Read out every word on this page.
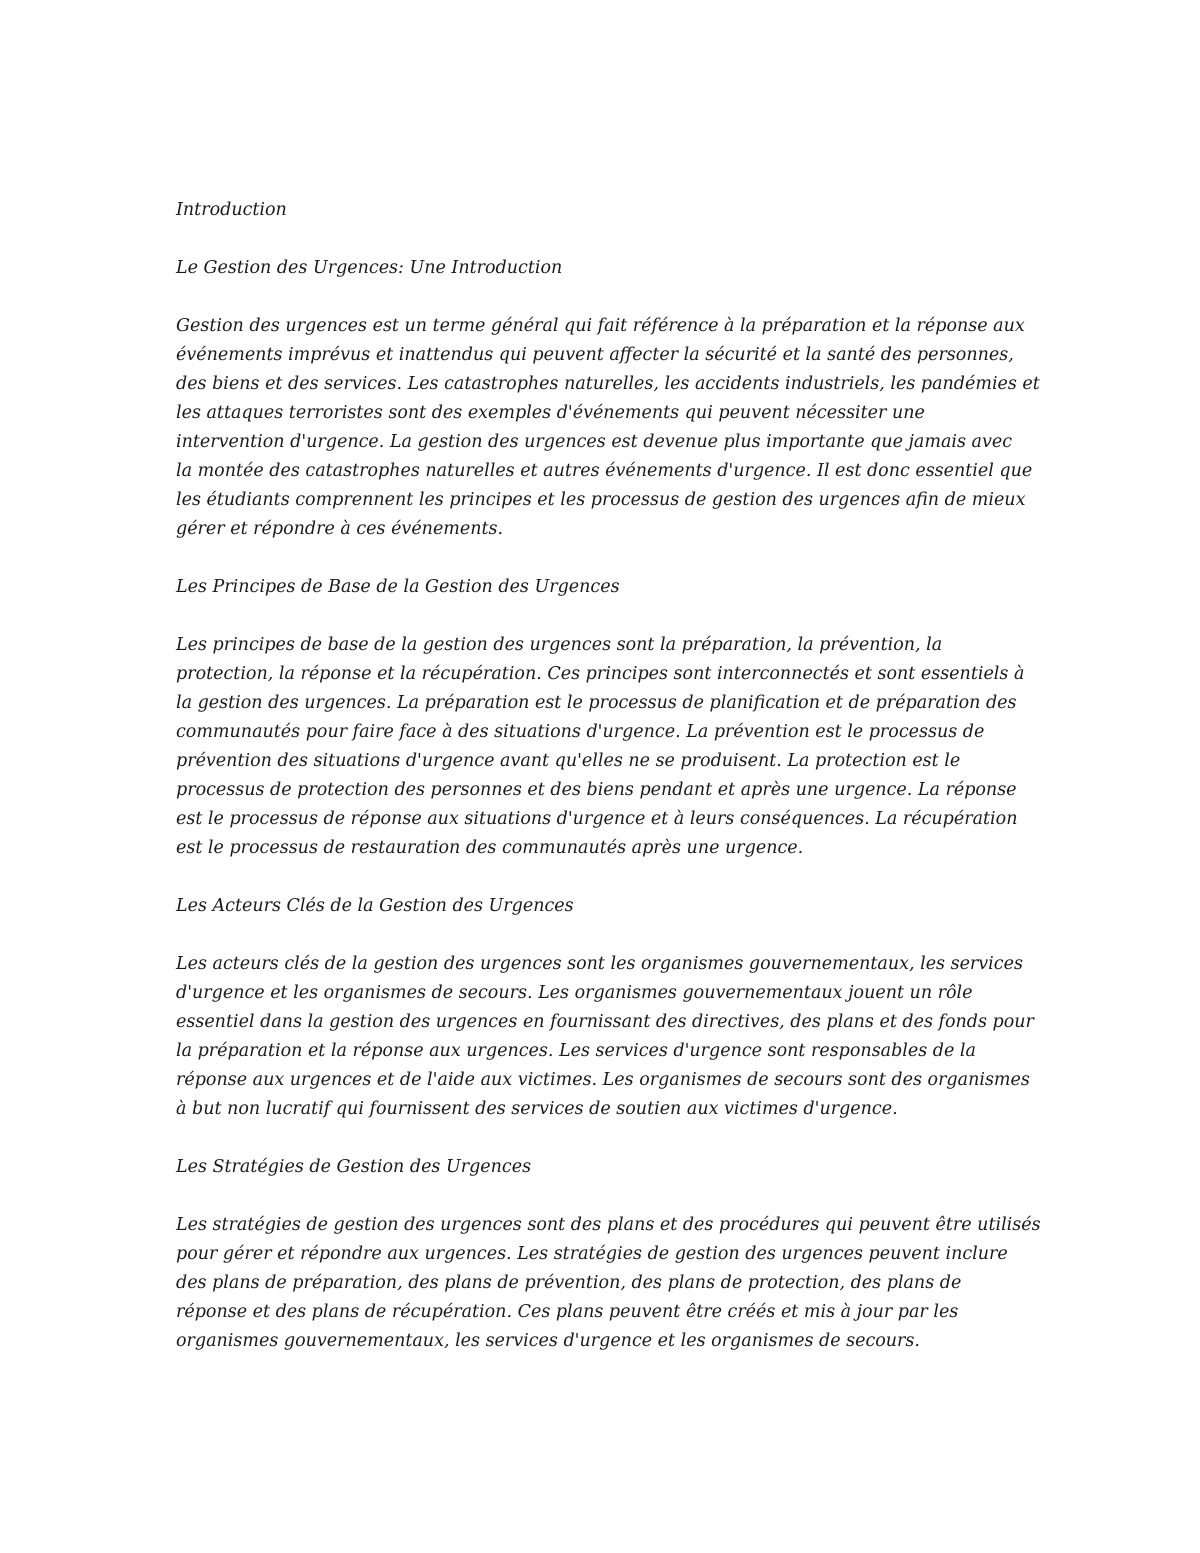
Introduction

Le Gestion des Urgences: Une Introduction

Gestion des urgences est un terme général qui fait référence à la préparation et la réponse aux

événements imprévus et inattendus qui peuvent affecter la sécurité et la santé des personnes,

des biens et des services. Les catastrophes naturelles, les accidents industriels, les pandémies et

les attaques terroristes sont des exemples d'événements qui peuvent nécessiter une

intervention d'urgence. La gestion des urgences est devenue plus importante que jamais avec

la montée des catastrophes naturelles et autres événements d'urgence. Il est donc essentiel que

les étudiants comprennent les principes et les processus de gestion des urgences afin de mieux

gérer et répondre à ces événements.

Les Principes de Base de la Gestion des Urgences

Les principes de base de la gestion des urgences sont la préparation, la prévention, la

protection, la réponse et la récupération. Ces principes sont interconnectés et sont essentiels à

la gestion des urgences. La préparation est le processus de planification et de préparation des

communautés pour faire face à des situations d'urgence. La prévention est le processus de

prévention des situations d'urgence avant qu'elles ne se produisent. La protection est le

processus de protection des personnes et des biens pendant et après une urgence. La réponse

est le processus de réponse aux situations d'urgence et à leurs conséquences. La récupération

est le processus de restauration des communautés après une urgence.

Les Acteurs Clés de la Gestion des Urgences

Les acteurs clés de la gestion des urgences sont les organismes gouvernementaux, les services

d'urgence et les organismes de secours. Les organismes gouvernementaux jouent un rôle

essentiel dans la gestion des urgences en fournissant des directives, des plans et des fonds pour

la préparation et la réponse aux urgences. Les services d'urgence sont responsables de la

réponse aux urgences et de l'aide aux victimes. Les organismes de secours sont des organismes

à but non lucratif qui fournissent des services de soutien aux victimes d'urgence.

Les Stratégies de Gestion des Urgences

Les stratégies de gestion des urgences sont des plans et des procédures qui peuvent être utilisés

pour gérer et répondre aux urgences. Les stratégies de gestion des urgences peuvent inclure

des plans de préparation, des plans de prévention, des plans de protection, des plans de

réponse et des plans de récupération. Ces plans peuvent être créés et mis à jour par les

organismes gouvernementaux, les services d'urgence et les organismes de secours.
